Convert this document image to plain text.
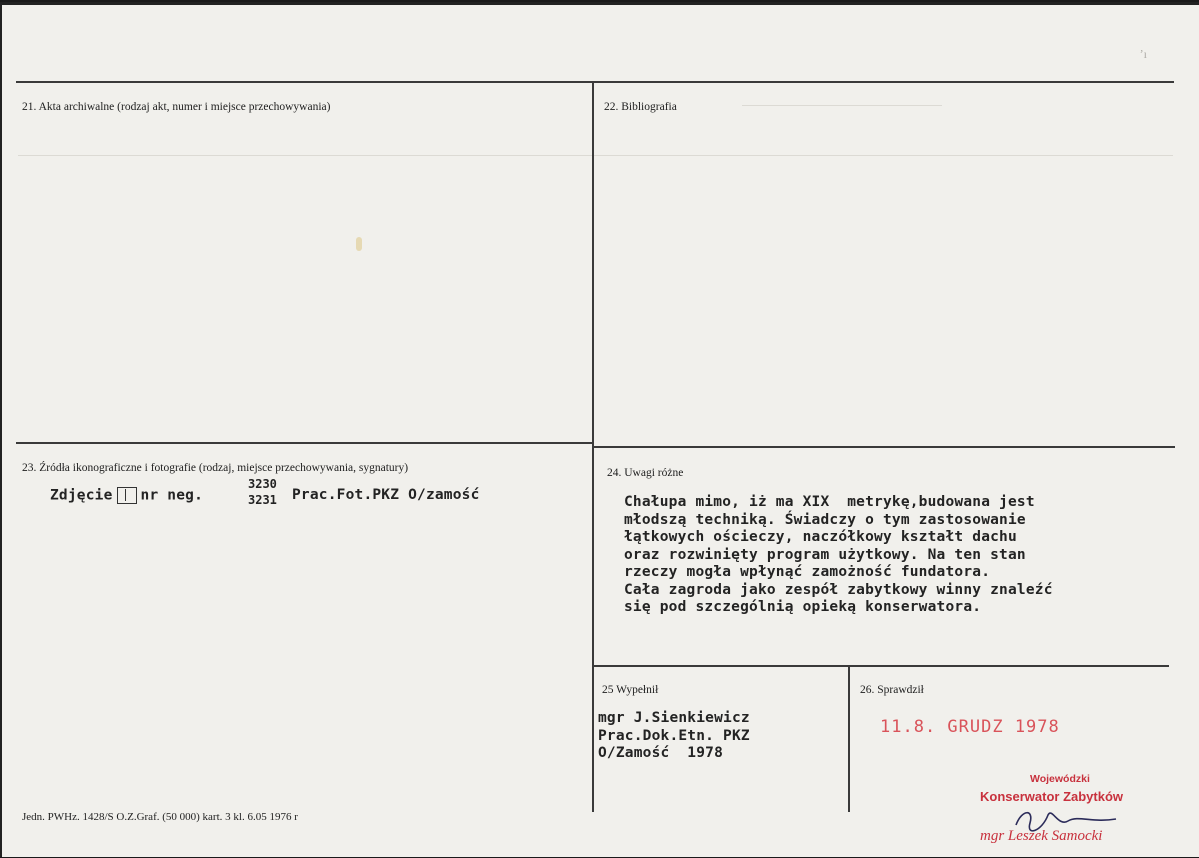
ʼı
21. Akta archiwalne (rodzaj akt, numer i miejsce przechowywania)	22. Bibliografia
23. Źródła ikonograficzne i fotografie (rodzaj, miejsce przechowywania, sygnatury)
Zdjęcie nr neg.
3230
3231 Prac.Fot.PKZ O/zamość
24. Uwagi różne
Chałupa mimo, iż ma XIX  metrykę,budowana jest
młodszą techniką. Świadczy o tym zastosowanie
łątkowych ościeczy, naczółkowy kształt dachu
oraz rozwinięty program użytkowy. Na ten stan
rzeczy mogła wpłynąć zamożność fundatora.
Cała zagroda jako zespół zabytkowy winny znaleźć
się pod szczególnią opieką konserwatora.
25 Wypełnił
mgr J.Sienkiewicz
Prac.Dok.Etn. PKZ
O/Zamość  1978
26. Sprawdził
11.8. GRUDZ 1978
Wojewódzki
Konserwator Zabytków
mgr Leszek Samocki
Jedn. PWHz. 1428/S O.Z.Graf. (50 000) kart. 3 kl. 6.05 1976 r
